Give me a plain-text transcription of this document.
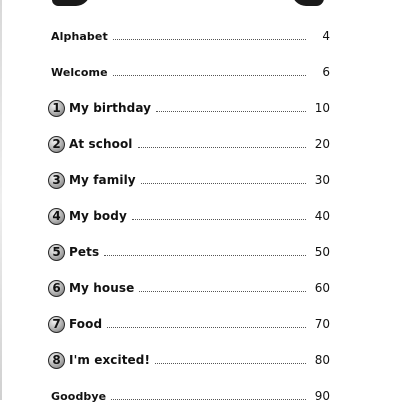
Alphabet	4
Welcome	6
1 My birthday	10
2 At school	20
3 My family	30
4 My body	40
5 Pets	50
6 My house	60
7 Food	70
8 I'm excited!	80
Goodbye	90
